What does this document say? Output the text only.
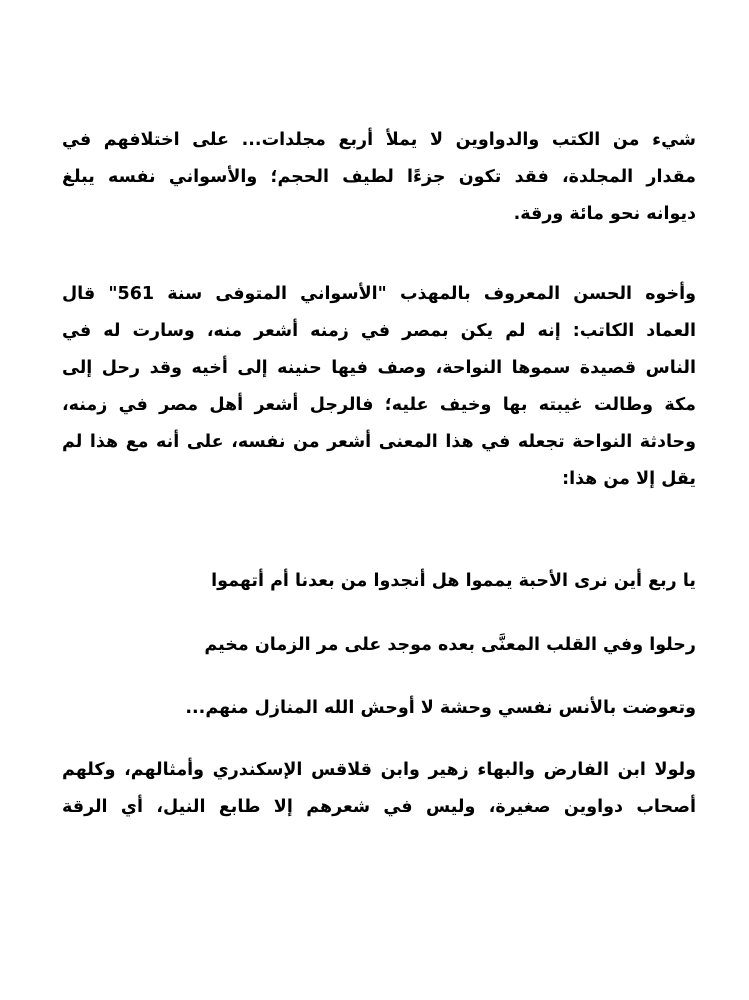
شيء من الكتب والدواوين لا يملأ أربع مجلدات... على اختلافهم في
مقدار المجلدة، فقد تكون جزءًا لطيف الحجم؛ والأسواني نفسه يبلغ
ديوانه نحو مائة ورقة.
وأخوه الحسن المعروف بالمهذب "الأسواني المتوفى سنة 561" قال
العماد الكاتب: إنه لم يكن بمصر في زمنه أشعر منه، وسارت له في
الناس قصيدة سموها النواحة، وصف فيها حنينه إلى أخيه وقد رحل إلى
مكة وطالت غيبته بها وخيف عليه؛ فالرجل أشعر أهل مصر في زمنه،
وحادثة النواحة تجعله في هذا المعنى أشعر من نفسه، على أنه مع هذا لم
يقل إلا من هذا:
يا ربع أين نرى الأحبة يمموا هل أنجدوا من بعدنا أم أتهموا
رحلوا وفي القلب المعنَّى بعده موجد على مر الزمان مخيم
وتعوضت بالأنس نفسي وحشة لا أوحش الله المنازل منهم...
ولولا ابن الفارض والبهاء زهير وابن قلاقس الإسكندري وأمثالهم، وكلهم
أصحاب دواوين صغيرة، وليس في شعرهم إلا طابع النيل، أي الرقة
